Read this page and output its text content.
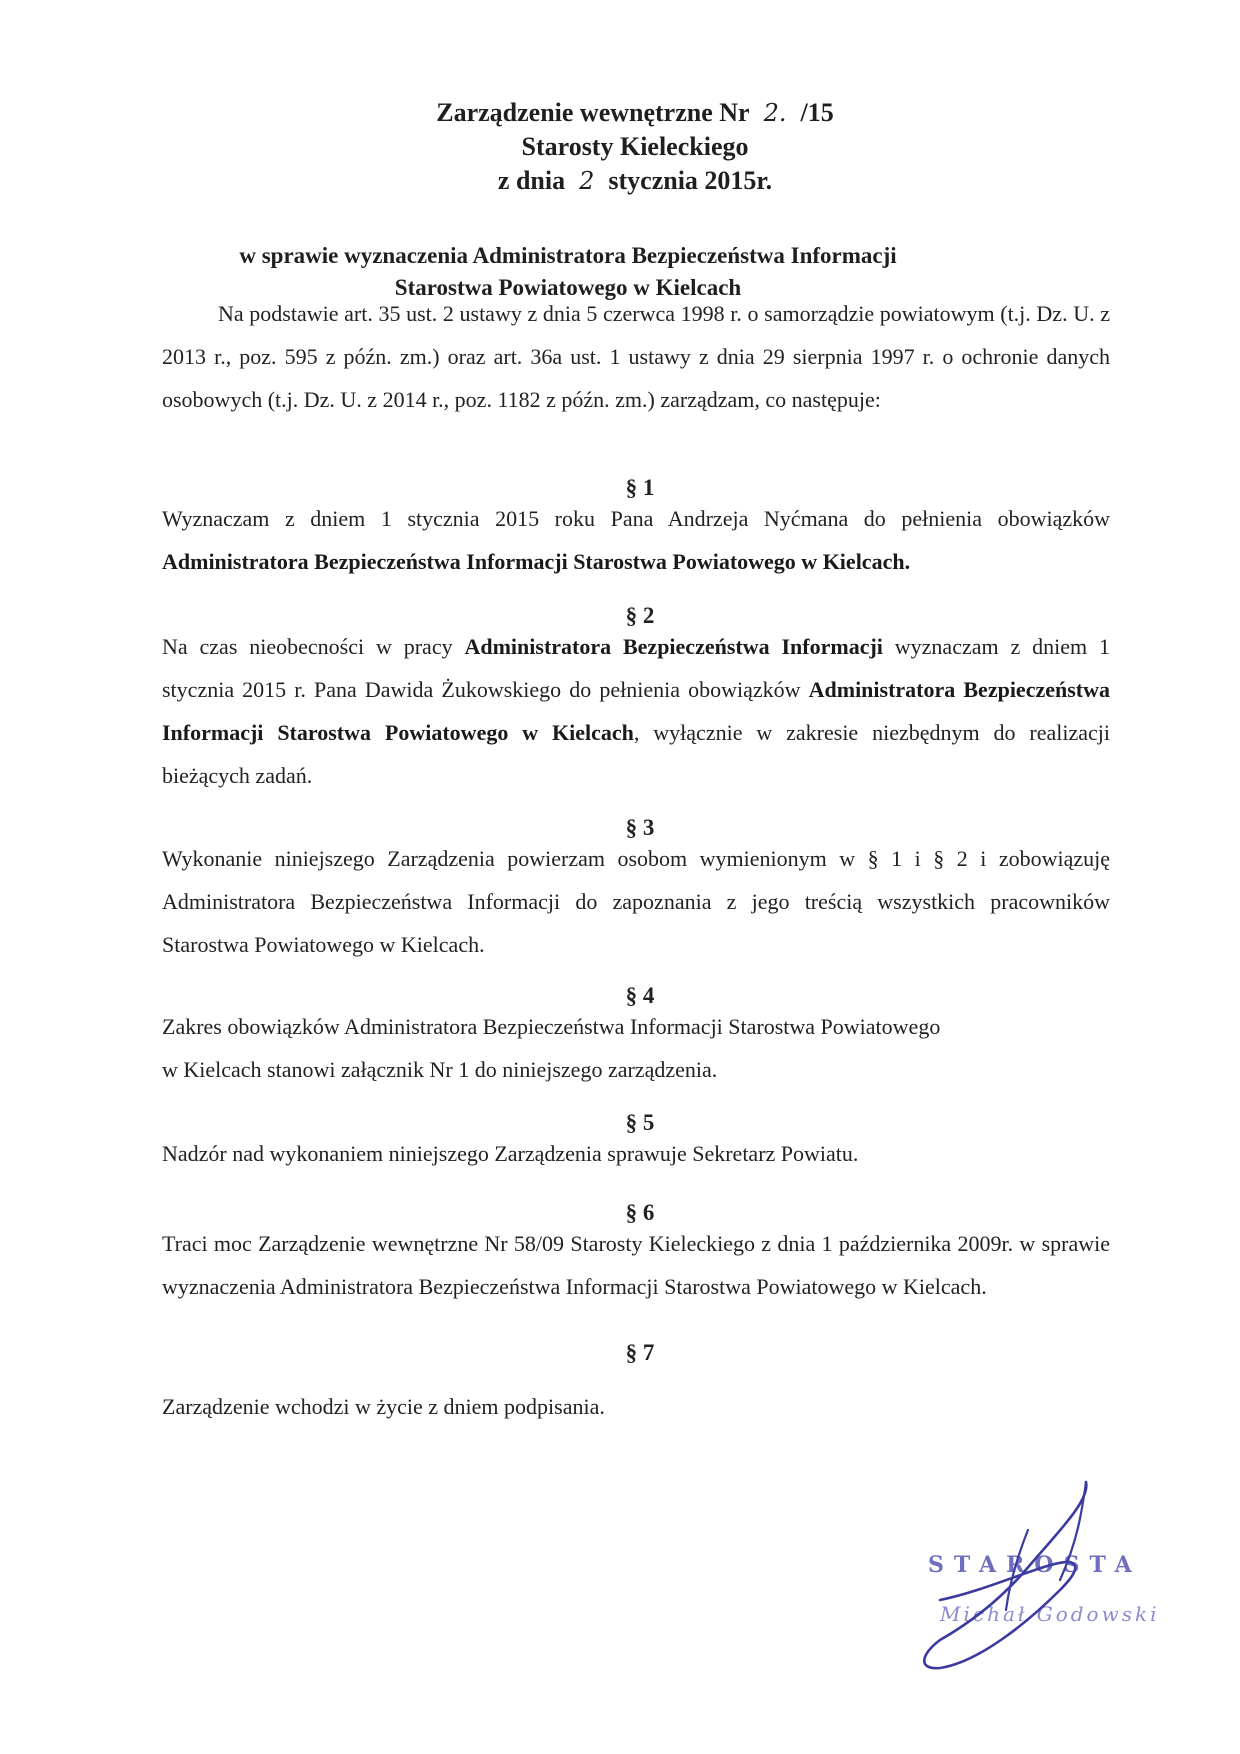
Zarządzenie wewnętrzne Nr 2. /15
Starosty Kieleckiego
z dnia 2 stycznia 2015r.
w sprawie wyznaczenia Administratora Bezpieczeństwa Informacji
Starostwa Powiatowego w Kielcach
Na podstawie art. 35 ust. 2 ustawy z dnia 5 czerwca 1998 r. o samorządzie powiatowym (t.j. Dz. U. z 2013 r., poz. 595 z późn. zm.) oraz art. 36a ust. 1 ustawy z dnia 29 sierpnia 1997 r. o ochronie danych osobowych (t.j. Dz. U. z 2014 r., poz. 1182 z późn. zm.) zarządzam, co następuje:
§ 1
Wyznaczam z dniem 1 stycznia 2015 roku Pana Andrzeja Nyćmana do pełnienia obowiązków Administratora Bezpieczeństwa Informacji Starostwa Powiatowego w Kielcach.
§ 2
Na czas nieobecności w pracy Administratora Bezpieczeństwa Informacji wyznaczam z dniem 1 stycznia 2015 r. Pana Dawida Żukowskiego do pełnienia obowiązków Administratora Bezpieczeństwa Informacji Starostwa Powiatowego w Kielcach, wyłącznie w zakresie niezbędnym do realizacji bieżących zadań.
§ 3
Wykonanie niniejszego Zarządzenia powierzam osobom wymienionym w § 1 i § 2 i zobowiązuję Administratora Bezpieczeństwa Informacji do zapoznania z jego treścią wszystkich pracowników Starostwa Powiatowego w Kielcach.
§ 4
Zakres obowiązków Administratora Bezpieczeństwa Informacji Starostwa Powiatowego
w Kielcach stanowi załącznik Nr 1 do niniejszego zarządzenia.
§ 5
Nadzór nad wykonaniem niniejszego Zarządzenia sprawuje Sekretarz Powiatu.
§ 6
Traci moc Zarządzenie wewnętrzne Nr 58/09 Starosty Kieleckiego z dnia 1 października 2009r. w sprawie wyznaczenia Administratora Bezpieczeństwa Informacji Starostwa Powiatowego w Kielcach.
§ 7
Zarządzenie wchodzi w życie z dniem podpisania.
STAROSTA
Michał Godowski
